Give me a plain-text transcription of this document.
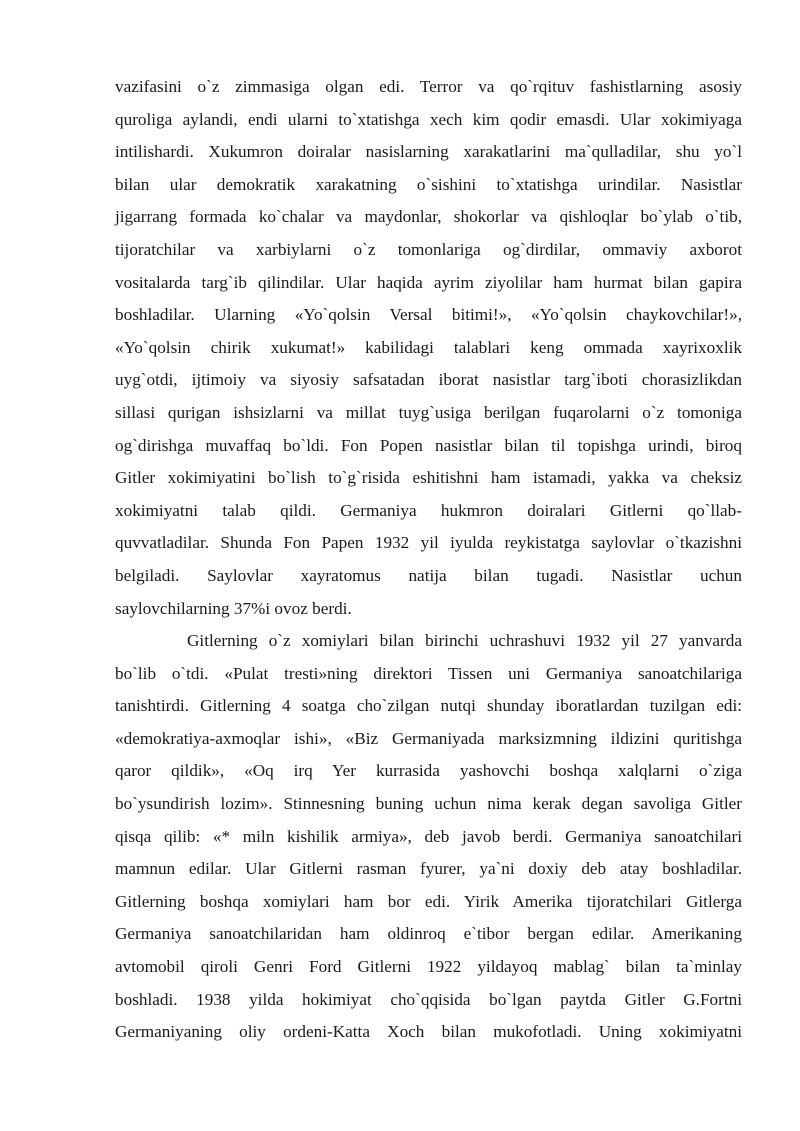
vazifasini o`z zimmasiga olgan edi. Terror va qo`rqituv fashistlarning asosiy
quroliga aylandi, endi ularni to`xtatishga xech kim qodir emasdi. Ular xokimiyaga
intilishardi. Xukumron doiralar nasislarning xarakatlarini ma`qulladilar, shu yo`l
bilan ular demokratik xarakatning o`sishini to`xtatishga urindilar. Nasistlar
jigarrang formada ko`chalar va maydonlar, shokorlar va qishloqlar bo`ylab o`tib,
tijoratchilar va xarbiylarni o`z tomonlariga og`dirdilar, ommaviy axborot
vositalarda targ`ib qilindilar. Ular haqida ayrim ziyolilar ham hurmat bilan gapira
boshladilar. Ularning «Yo`qolsin Versal bitimi!», «Yo`qolsin chaykovchilar!»,
«Yo`qolsin chirik xukumat!» kabilidagi talablari keng ommada xayrixoxlik
uyg`otdi, ijtimoiy va siyosiy safsatadan iborat nasistlar targ`iboti chorasizlikdan
sillasi qurigan ishsizlarni va millat tuyg`usiga berilgan fuqarolarni o`z tomoniga
og`dirishga muvaffaq bo`ldi. Fon Popen nasistlar bilan til topishga urindi, biroq
Gitler xokimiyatini bo`lish to`g`risida eshitishni ham istamadi, yakka va cheksiz
xokimiyatni talab qildi. Germaniya hukmron doiralari Gitlerni qo`llab-
quvvatladilar. Shunda Fon Papen 1932 yil iyulda reykistatga saylovlar o`tkazishni
belgiladi. Saylovlar xayratomus natija bilan tugadi. Nasistlar uchun
saylovchilarning 37%i ovoz berdi.
Gitlerning o`z xomiylari bilan birinchi uchrashuvi 1932 yil 27 yanvarda
bo`lib o`tdi. «Pulat tresti»ning direktori Tissen uni Germaniya sanoatchilariga
tanishtirdi. Gitlerning 4 soatga cho`zilgan nutqi shunday iboratlardan tuzilgan edi:
«demokratiya-axmoqlar ishi», «Biz Germaniyada marksizmning ildizini quritishga
qaror qildik», «Oq irq Yer kurrasida yashovchi boshqa xalqlarni o`ziga
bo`ysundirish lozim». Stinnesning buning uchun nima kerak degan savoliga Gitler
qisqa qilib: «* miln kishilik armiya», deb javob berdi. Germaniya sanoatchilari
mamnun edilar. Ular Gitlerni rasman fyurer, ya`ni doxiy deb atay boshladilar.
Gitlerning boshqa xomiylari ham bor edi. Yirik Amerika tijoratchilari Gitlerga
Germaniya sanoatchilaridan ham oldinroq e`tibor bergan edilar. Amerikaning
avtomobil qiroli Genri Ford Gitlerni 1922 yildayoq mablag` bilan ta`minlay
boshladi. 1938 yilda hokimiyat cho`qqisida bo`lgan paytda Gitler G.Fortni
Germaniyaning oliy ordeni-Katta Xoch bilan mukofotladi. Uning xokimiyatni
